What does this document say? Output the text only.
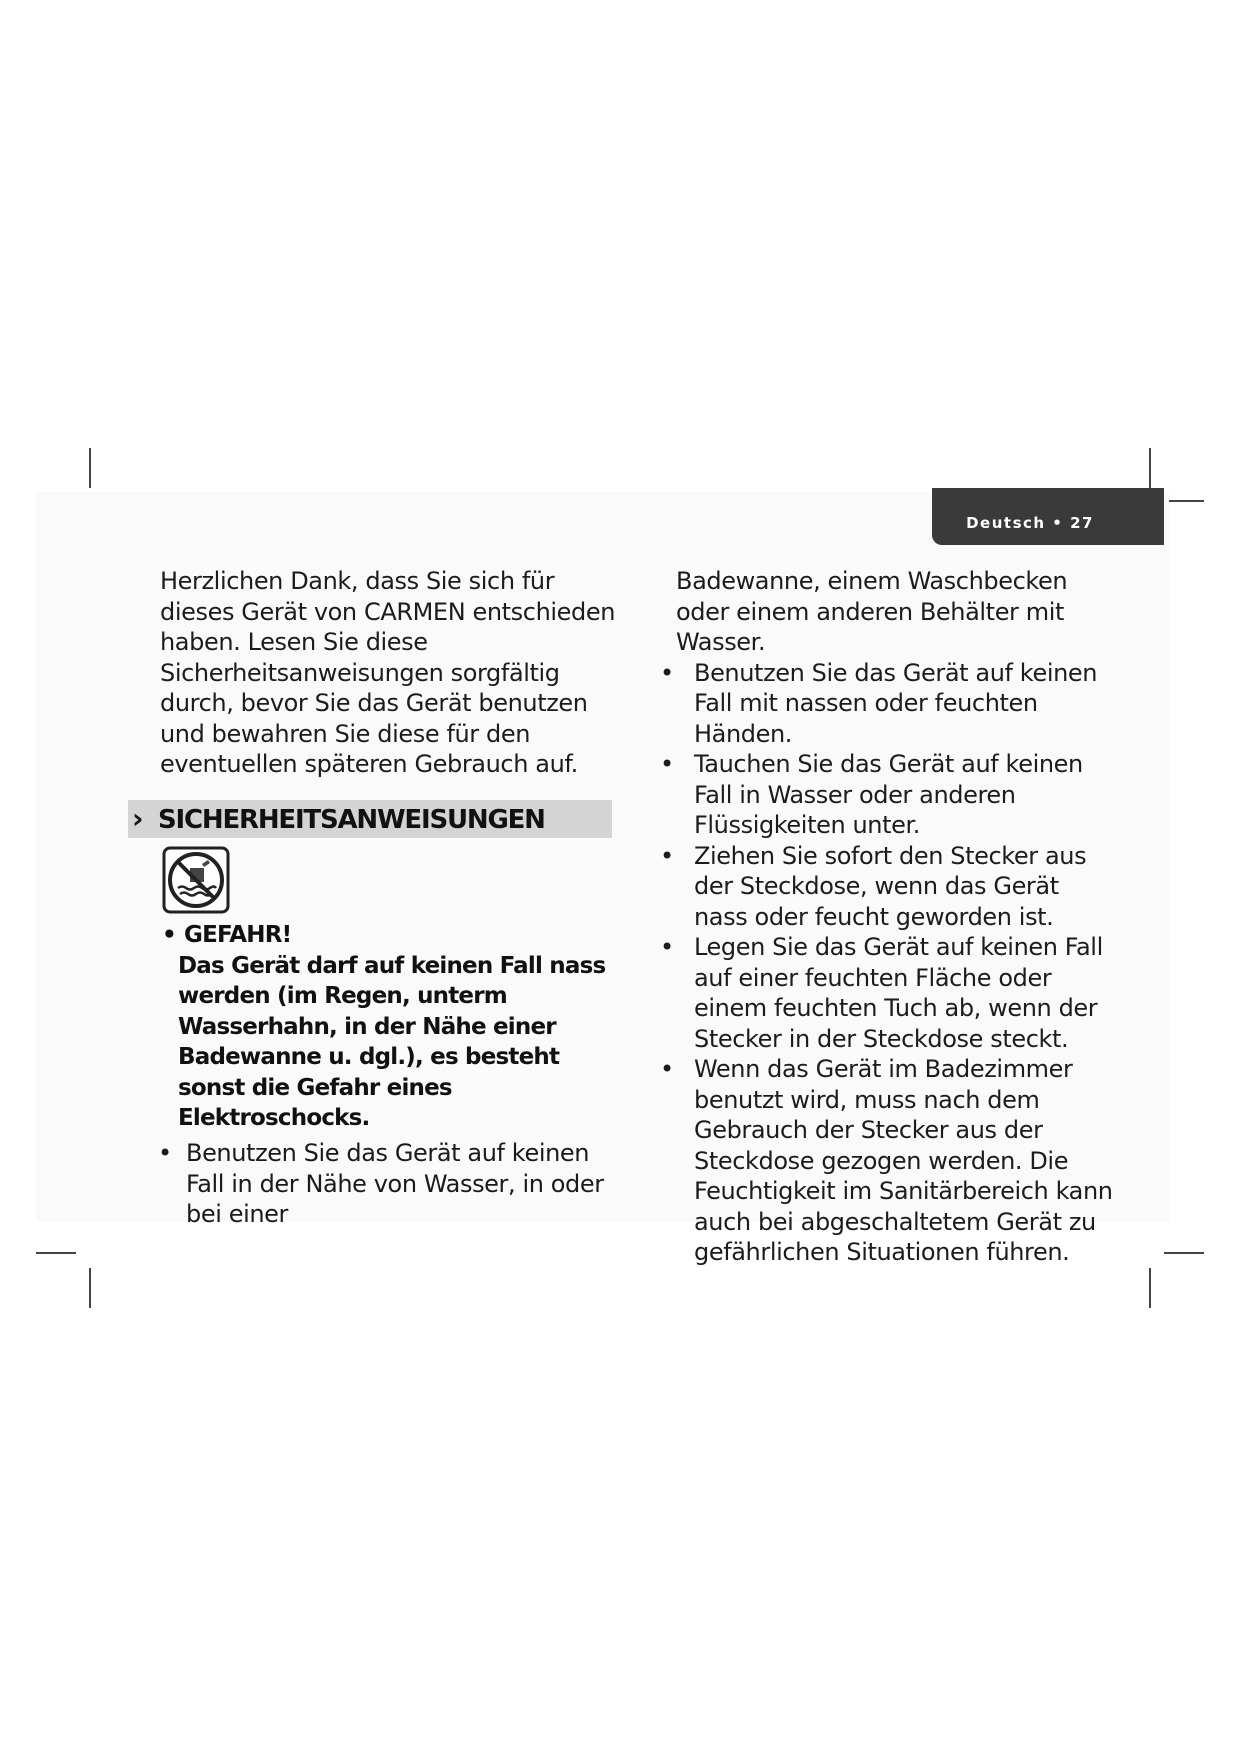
Deutsch • 27

Herzlichen Dank, dass Sie sich für dieses Gerät von CARMEN entschieden haben. Lesen Sie diese Sicherheitsanweisungen sorgfältig durch, bevor Sie das Gerät benutzen und bewahren Sie diese für den eventuellen späteren Gebrauch auf.

› SICHERHEITSANWEISUNGEN
• GEFAHR!
Das Gerät darf auf keinen Fall nass werden (im Regen, unterm Wasserhahn, in der Nähe einer Badewanne u. dgl.), es besteht sonst die Gefahr eines Elektroschocks.

• Benutzen Sie das Gerät auf keinen Fall in der Nähe von Wasser, in oder bei einer

Badewanne, einem Waschbecken oder einem anderen Behälter mit Wasser.

• Benutzen Sie das Gerät auf keinen Fall mit nassen oder feuchten Händen.

• Tauchen Sie das Gerät auf keinen Fall in Wasser oder anderen Flüssigkeiten unter.

• Ziehen Sie sofort den Stecker aus der Steckdose, wenn das Gerät nass oder feucht geworden ist.

• Legen Sie das Gerät auf keinen Fall auf einer feuchten Fläche oder einem feuchten Tuch ab, wenn der Stecker in der Steckdose steckt.

• Wenn das Gerät im Badezimmer benutzt wird, muss nach dem Gebrauch der Stecker aus der Steckdose gezogen werden. Die Feuchtigkeit im Sanitärbereich kann auch bei abgeschaltetem Gerät zu gefährlichen Situationen führen.
